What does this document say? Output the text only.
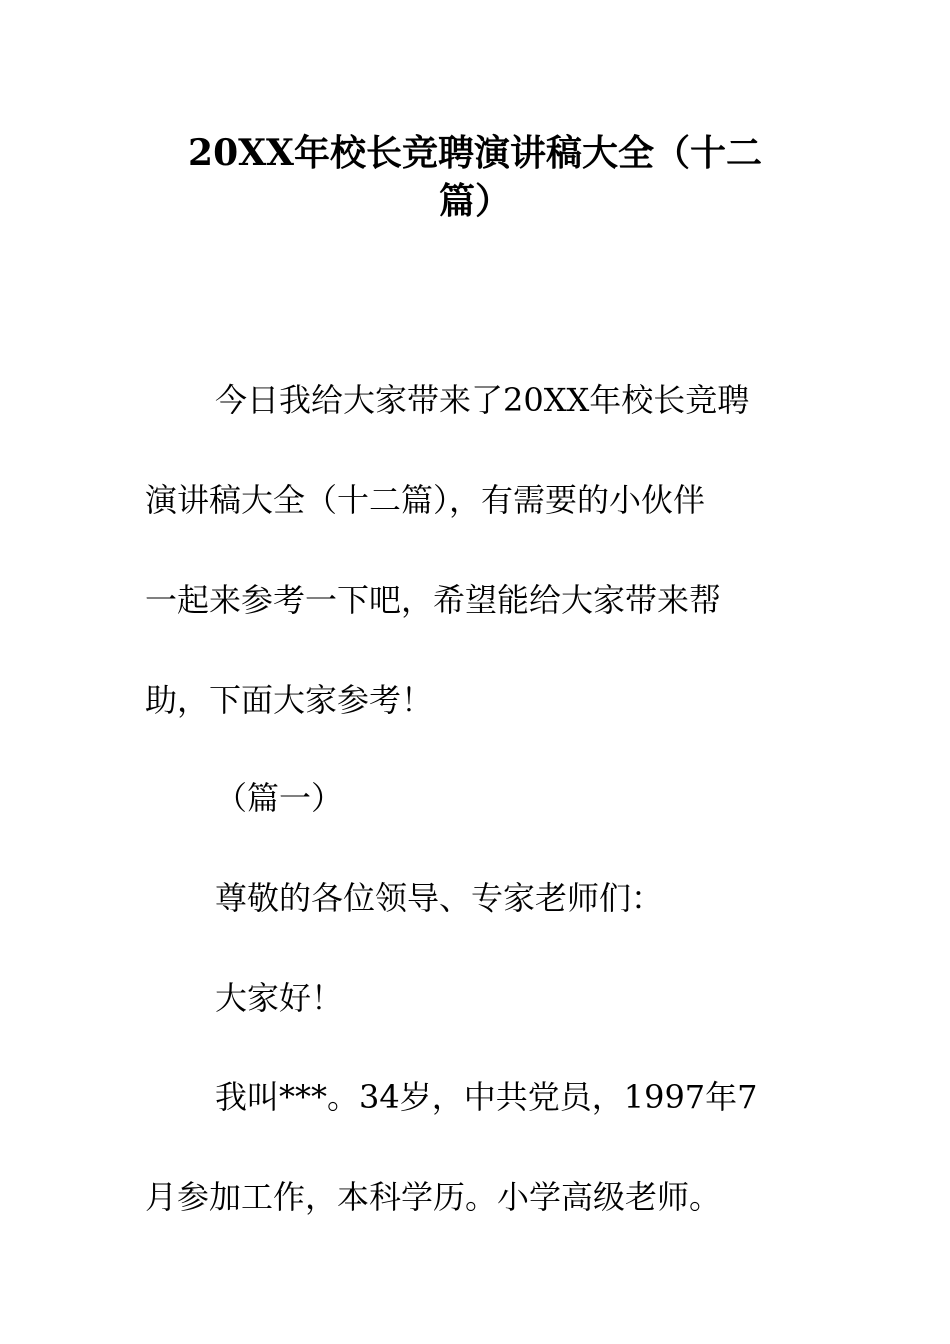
20XX年校长竞聘演讲稿大全（十二
篇）
今日我给大家带来了20XX年校长竞聘
演讲稿大全（十二篇），有需要的小伙伴
一起来参考一下吧，希望能给大家带来帮
助，下面大家参考！
（篇一）
尊敬的各位领导、专家老师们：
大家好！
我叫***。34岁，中共党员，1997年7
月参加工作，本科学历。小学高级老师。
